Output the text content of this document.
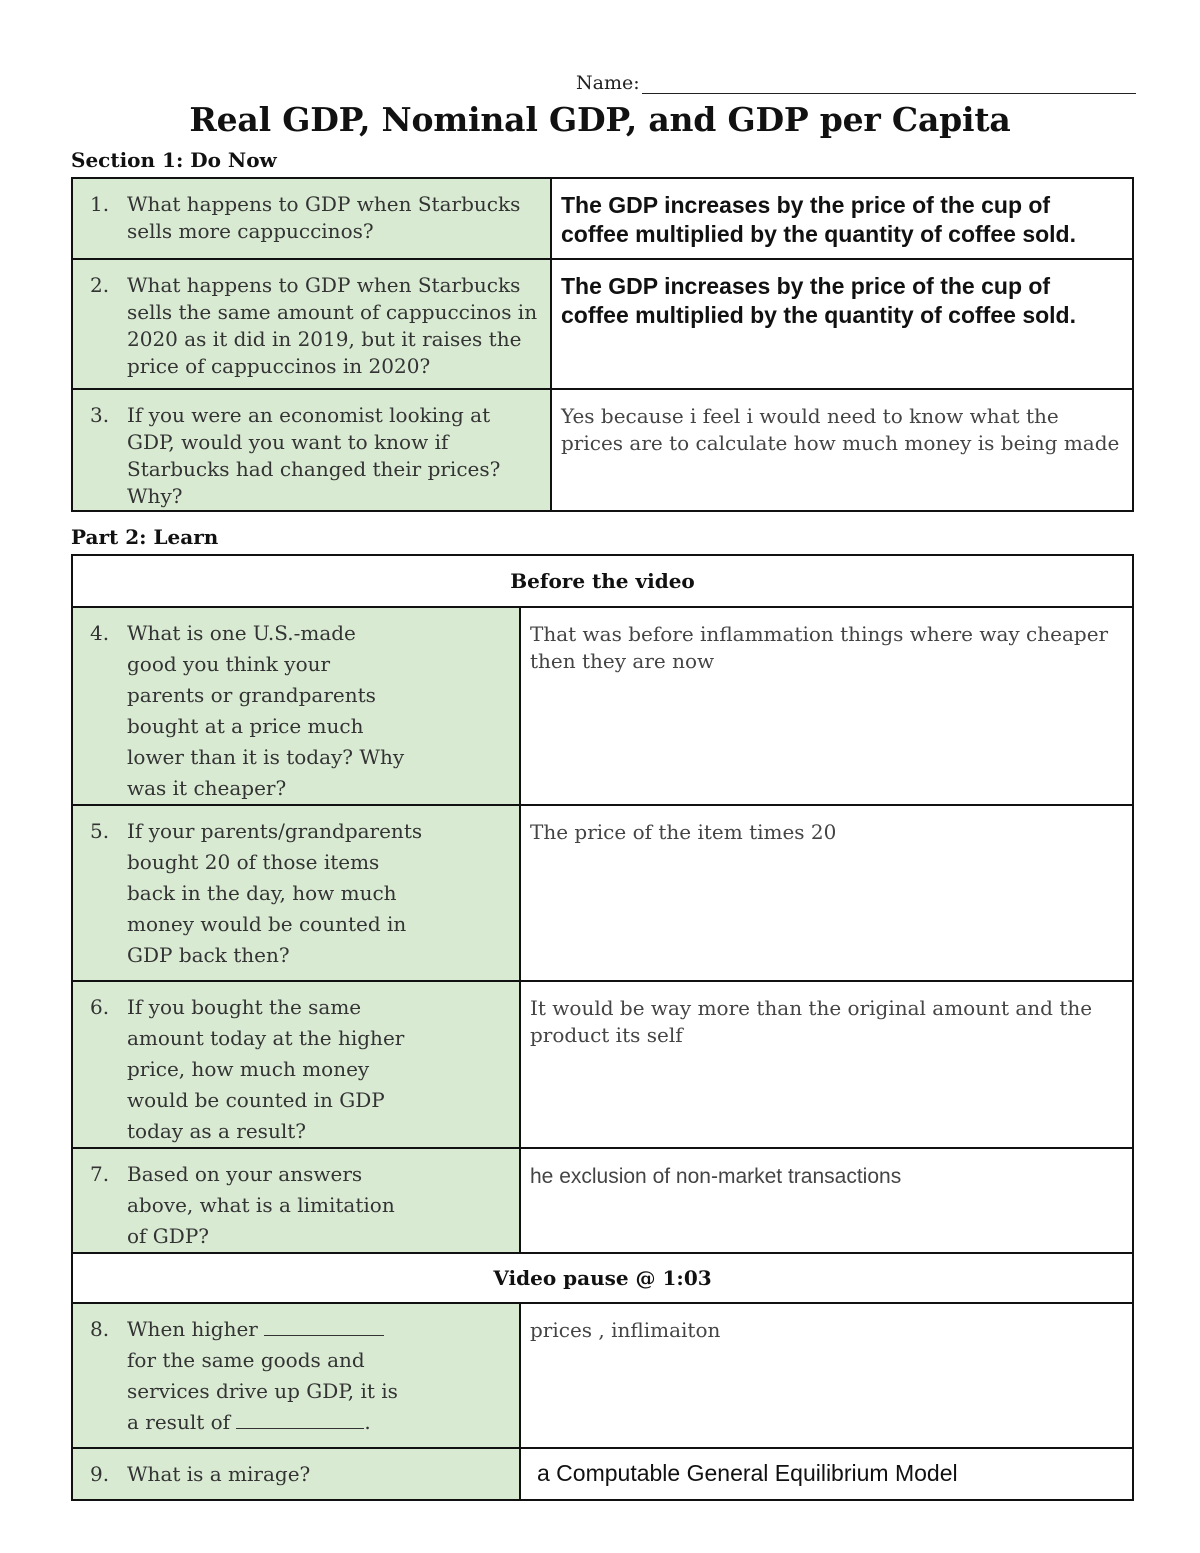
Name:
Real GDP, Nominal GDP, and GDP per Capita
Section 1: Do Now
1. What happens to GDP when Starbucks sells more cappuccinos?	The GDP increases by the price of the cup of coffee multiplied by the quantity of coffee sold.

2. What happens to GDP when Starbucks sells the same amount of cappuccinos in 2020 as it did in 2019, but it raises the price of cappuccinos in 2020?	The GDP increases by the price of the cup of coffee multiplied by the quantity of coffee sold.

3. If you were an economist looking at GDP, would you want to know if Starbucks had changed their prices? Why?	Yes because i feel i would need to know what the prices are to calculate how much money is being made
Part 2: Learn
Before the video	

4. What is one U.S.-made good you think your parents or grandparents bought at a price much lower than it is today? Why was it cheaper?	That was before inflammation things where way cheaper then they are now

5. If your parents/grandparents bought 20 of those items back in the day, how much money would be counted in GDP back then?	The price of the item times 20

6. If you bought the same amount today at the higher price, how much money would be counted in GDP today as a result?	It would be way more than the original amount and the product its self

7. Based on your answers above, what is a limitation of GDP?	he exclusion of non-market transactions

Video pause @ 1:03	

8. When higher  for the same goods and services drive up GDP, it is a result of .	prices , inflimaiton

9. What is a mirage?	a Computable General Equilibrium Model
